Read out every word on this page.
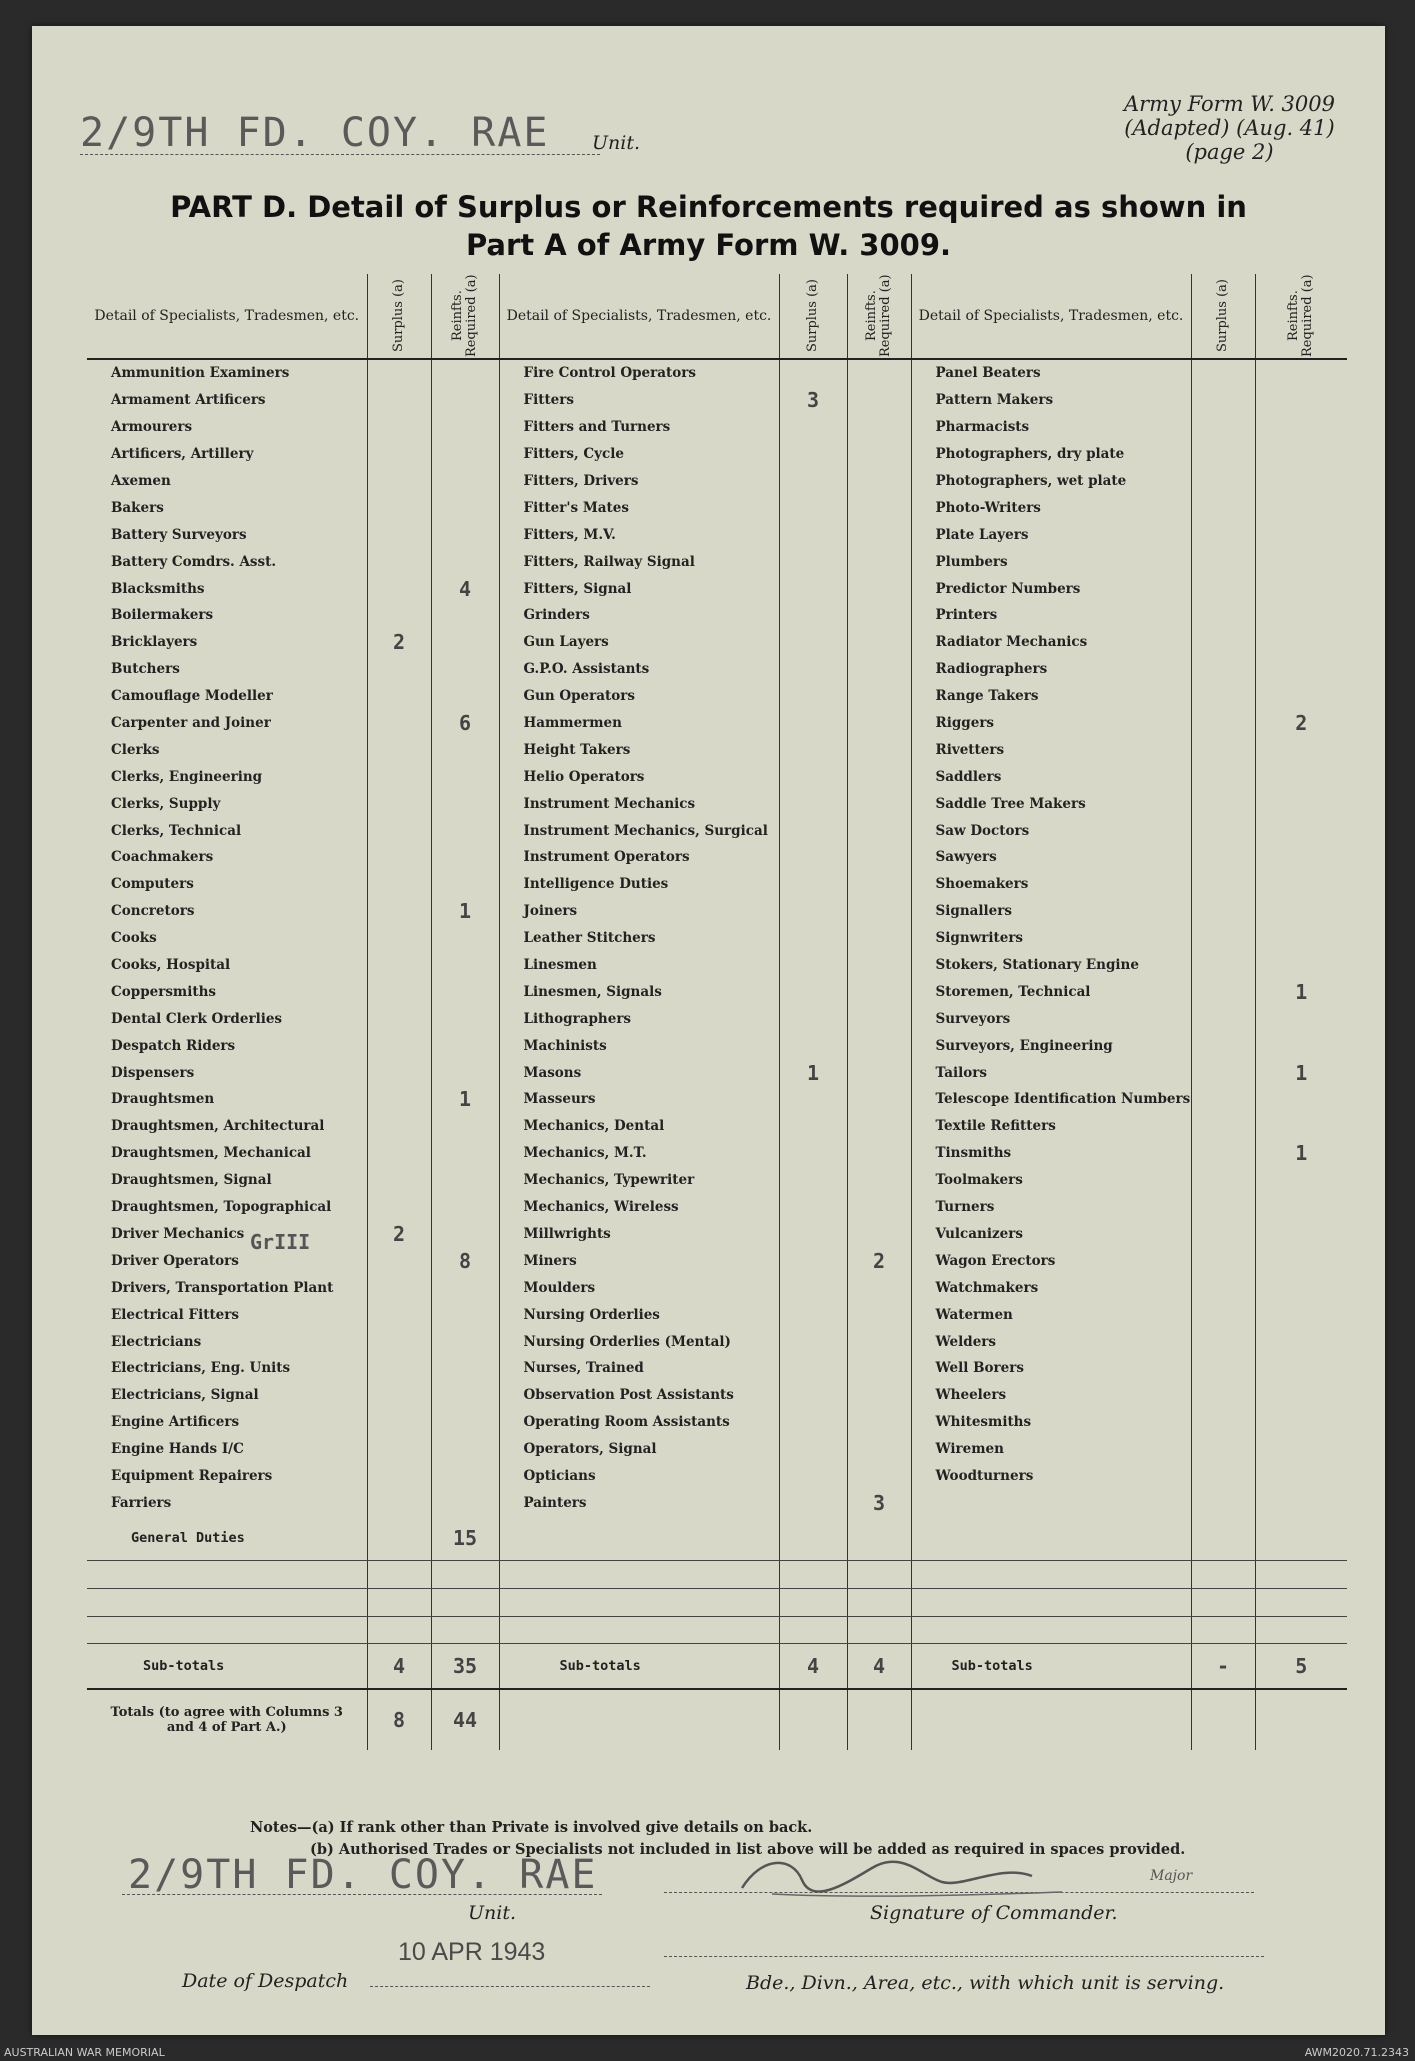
2/9TH FD. COY. RAE Unit.
Army Form W. 3009
(Adapted) (Aug. 41)
(page 2)
PART D. Detail of Surplus or Reinforcements required as shown in
Part A of Army Form W. 3009.
Detail of Specialists, Tradesmen, etc.	Surplus (a)	Reinfts. Required (a)	Detail of Specialists, Tradesmen, etc.	Surplus (a)	Reinfts. Required (a)	Detail of Specialists, Tradesmen, etc.	Surplus (a)	Reinfts. Required (a)

Ammunition Examiners			Fire Control Operators			Panel Beaters		
Armament Artificers			Fitters	3		Pattern Makers		
Armourers			Fitters and Turners			Pharmacists		
Artificers, Artillery			Fitters, Cycle			Photographers, dry plate		
Axemen			Fitters, Drivers			Photographers, wet plate		
Bakers			Fitter's Mates			Photo-Writers		
Battery Surveyors			Fitters, M.V.			Plate Layers		
Battery Comdrs. Asst.			Fitters, Railway Signal			Plumbers		
Blacksmiths		4	Fitters, Signal			Predictor Numbers		
Boilermakers			Grinders			Printers		
Bricklayers	2		Gun Layers			Radiator Mechanics		
Butchers			G.P.O. Assistants			Radiographers		
Camouflage Modeller			Gun Operators			Range Takers		
Carpenter and Joiner		6	Hammermen			Riggers		2
Clerks			Height Takers			Rivetters		
Clerks, Engineering			Helio Operators			Saddlers		
Clerks, Supply			Instrument Mechanics			Saddle Tree Makers		
Clerks, Technical			Instrument Mechanics, Surgical			Saw Doctors		
Coachmakers			Instrument Operators			Sawyers		
Computers			Intelligence Duties			Shoemakers		
Concretors		1	Joiners			Signallers		
Cooks			Leather Stitchers			Signwriters		
Cooks, Hospital			Linesmen			Stokers, Stationary Engine		
Coppersmiths			Linesmen, Signals			Storemen, Technical		1
Dental Clerk Orderlies			Lithographers			Surveyors		
Despatch Riders			Machinists			Surveyors, Engineering		
Dispensers			Masons	1		Tailors		1
Draughtsmen		1	Masseurs			Telescope Identification Numbers		
Draughtsmen, Architectural			Mechanics, Dental			Textile Refitters		
Draughtsmen, Mechanical			Mechanics, M.T.			Tinsmiths		1
Draughtsmen, Signal			Mechanics, Typewriter			Toolmakers		
Draughtsmen, Topographical			Mechanics, Wireless			Turners		
Driver Mechanics	2		Millwrights			Vulcanizers		
Driver Operators		8	Miners		2	Wagon Erectors		
Drivers, Transportation Plant			Moulders			Watchmakers		
Electrical Fitters			Nursing Orderlies			Watermen		
Electricians			Nursing Orderlies (Mental)			Welders		
Electricians, Eng. Units			Nurses, Trained			Well Borers		
Electricians, Signal			Observation Post Assistants			Wheelers		
Engine Artificers			Operating Room Assistants			Whitesmiths		
Engine Hands I/C			Operators, Signal			Wiremen		
Equipment Repairers			Opticians			Woodturners		
Farriers			Painters		3			
General Duties		15						

Sub-totals	4	35	Sub-totals	4	4	Sub-totals	-	5
Totals (to agree with Columns 3 and 4 of Part A.)	8	44						
GrIII
Notes—(a) If rank other than Private is involved give details on back.
(b) Authorised Trades or Specialists not included in list above will be added as required in spaces provided.
2/9TH FD. COY. RAE
Unit.
Major
Signature of Commander.
Date of Despatch
10 APR 1943
Bde., Divn., Area, etc., with which unit is serving.
AUSTRALIAN WAR MEMORIAL	AWM2020.71.2343
